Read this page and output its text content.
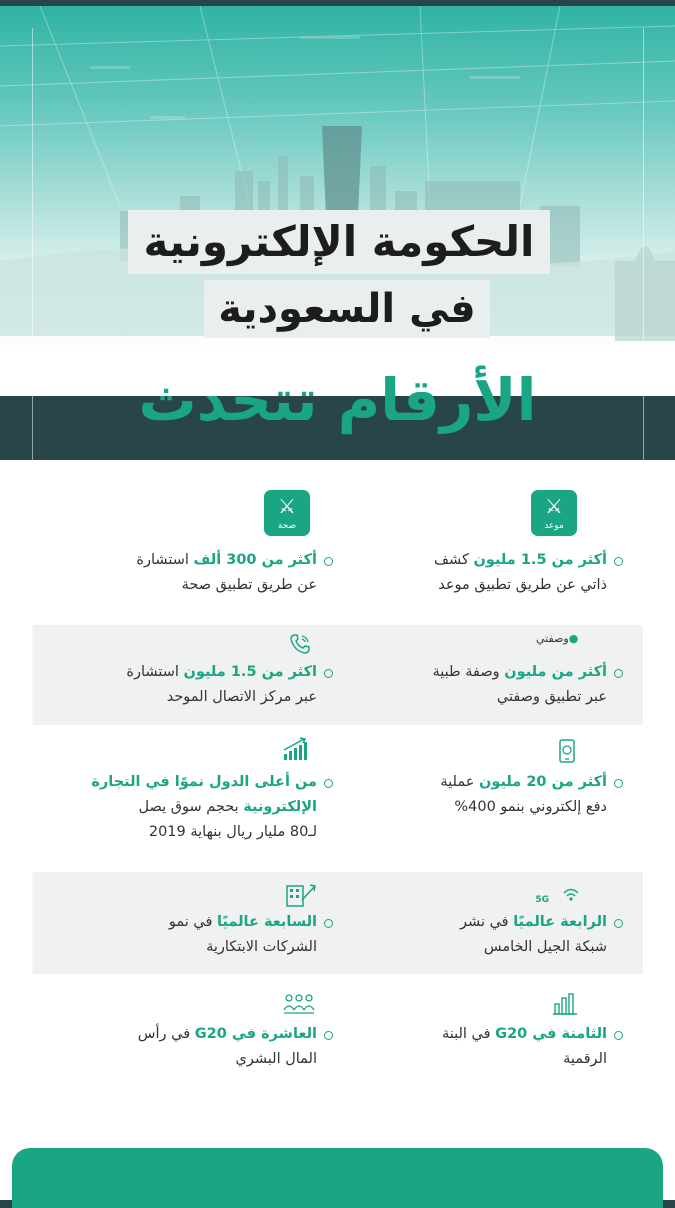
الحكومة الإلكترونية
في السعودية
الأرقام تتحدث
⚔
موعد
أكثر من 1.5 مليون كشف
ذاتي عن طريق تطبيق موعد
⚔
صحة
أكثر من 300 ألف استشارة
عن طريق تطبيق صحة
●وصفتي
أكثر من مليون وصفة طبية
عبر تطبيق وصفتي
اكثر من 1.5 مليون استشارة
عبر مركز الاتصال الموحد
أكثر من 20 مليون عملية
دفع إلكتروني بنمو 400%
من أعلى الدول نموًا في التجارة
الإلكترونية بحجم سوق يصل
لـ80 مليار ريال بنهاية 2019
5G
الرابعة عالميًا في نشر
شبكة الجيل الخامس
السابعة عالميًا في نمو
الشركات الابتكارية
الثامنة في G20 في البنة
الرقمية
العاشرة في G20 في رأس
المال البشري
